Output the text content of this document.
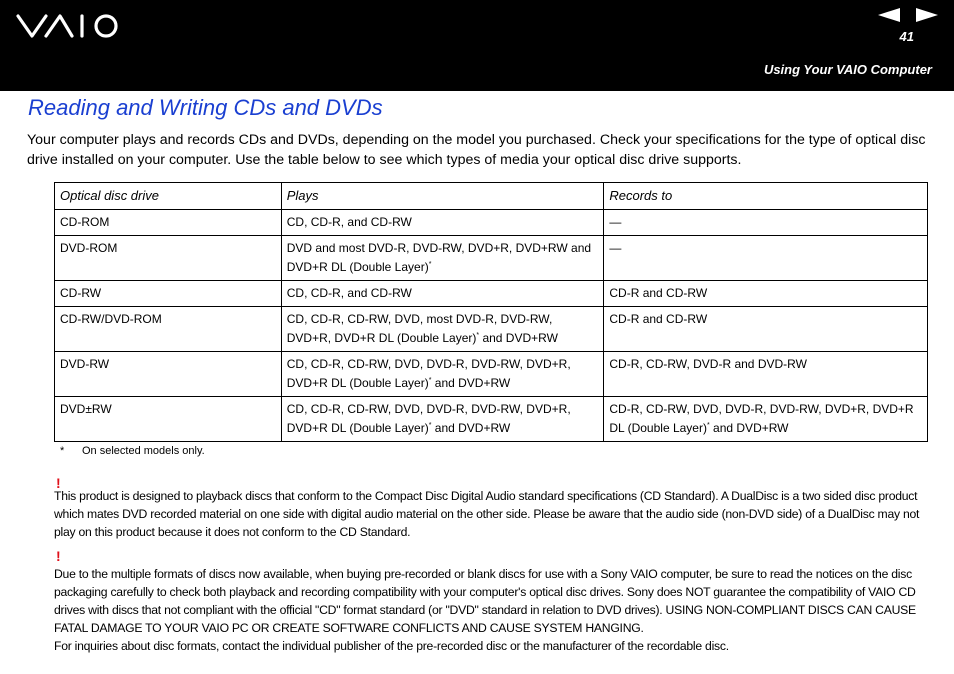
41
Using Your VAIO Computer
Reading and Writing CDs and DVDs

Your computer plays and records CDs and DVDs, depending on the model you purchased. Check your specifications for the type of optical disc drive installed on your computer. Use the table below to see which types of media your optical disc drive supports.

Optical disc drive	Plays	Records to
CD-ROM	CD, CD-R, and CD-RW	—
DVD-ROM	DVD and most DVD-R, DVD-RW, DVD+R, DVD+RW and DVD+R DL (Double Layer)*	—
CD-RW	CD, CD-R, and CD-RW	CD-R and CD-RW
CD-RW/DVD-ROM	CD, CD-R, CD-RW, DVD, most DVD-R, DVD-RW, DVD+R, DVD+R DL (Double Layer)* and DVD+RW	CD-R and CD-RW
DVD-RW	CD, CD-R, CD-RW, DVD, DVD-R, DVD-RW, DVD+R, DVD+R DL (Double Layer)* and DVD+RW	CD-R, CD-RW, DVD-R and DVD-RW
DVD±RW	CD, CD-R, CD-RW, DVD, DVD-R, DVD-RW, DVD+R, DVD+R DL (Double Layer)* and DVD+RW	CD-R, CD-RW, DVD, DVD-R, DVD-RW, DVD+R, DVD+R DL (Double Layer)* and DVD+RW
* On selected models only.
!

This product is designed to playback discs that conform to the Compact Disc Digital Audio standard specifications (CD Standard). A DualDisc is a two sided disc product which mates DVD recorded material on one side with digital audio material on the other side. Please be aware that the audio side (non-DVD side) of a DualDisc may not play on this product because it does not conform to the CD Standard.

!

Due to the multiple formats of discs now available, when buying pre-recorded or blank discs for use with a Sony VAIO computer, be sure to read the notices on the disc packaging carefully to check both playback and recording compatibility with your computer's optical disc drives. Sony does NOT guarantee the compatibility of VAIO CD drives with discs that not compliant with the official "CD" format standard (or "DVD" standard in relation to DVD drives). USING NON-COMPLIANT DISCS CAN CAUSE FATAL DAMAGE TO YOUR VAIO PC OR CREATE SOFTWARE CONFLICTS AND CAUSE SYSTEM HANGING.

For inquiries about disc formats, contact the individual publisher of the pre-recorded disc or the manufacturer of the recordable disc.
